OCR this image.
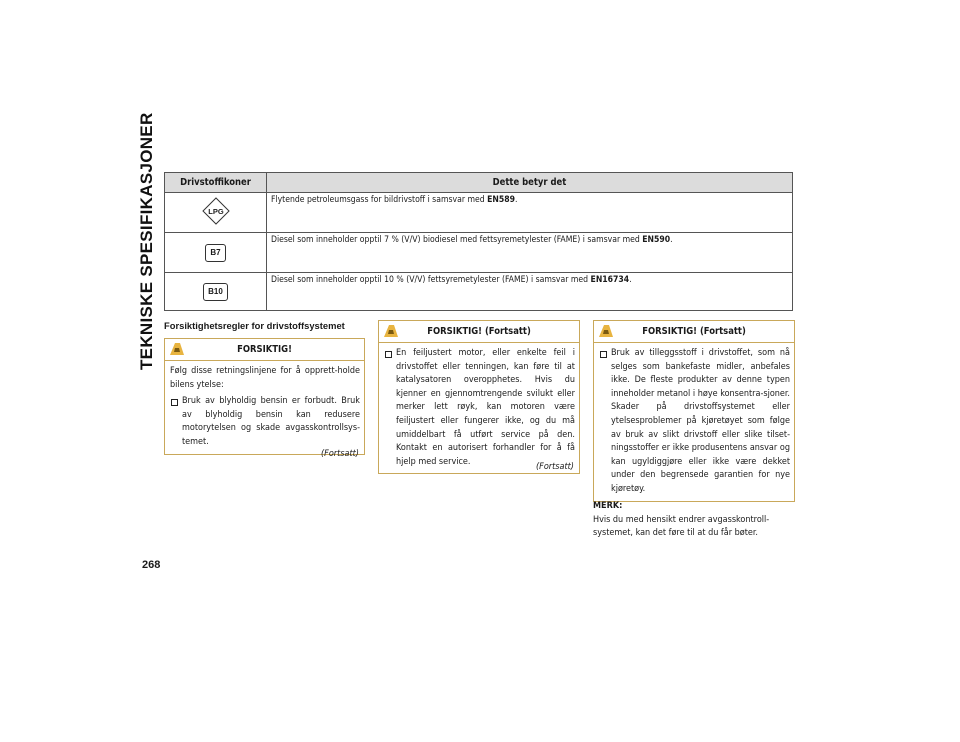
TEKNISKE SPESIFIKASJONER
268
Drivstoffikoner	Dette betyr det

LPG	Flytende petroleumsgass for bildrivstoff i samsvar med EN589.
B7	Diesel som inneholder opptil 7 % (V/V) biodiesel med fettsyremetylester (FAME) i samsvar med EN590.
B10	Diesel som inneholder opptil 10 % (V/V) fettsyremetylester (FAME) i samsvar med EN16734.
Forsiktighetsregler for drivstoffsystemet
FORSIKTIG!
Følg disse retningslinjene for å opprett-holde bilens ytelse:
Bruk av blyholdig bensin er forbudt. Bruk av blyholdig bensin kan redusere motorytelsen og skade avgasskontrollsys-temet.
(Fortsatt)
FORSIKTIG! (Fortsatt)
En feiljustert motor, eller enkelte feil i drivstoffet eller tenningen, kan føre til at katalysatoren overopphetes. Hvis du kjenner en gjennomtrengende svilukt eller merker lett røyk, kan motoren være feiljustert eller fungerer ikke, og du må umiddelbart få utført service på den. Kontakt en autorisert forhandler for å få hjelp med service.
(Fortsatt)
FORSIKTIG! (Fortsatt)
Bruk av tilleggsstoff i drivstoffet, som nå selges som bankefaste midler, anbefales ikke. De fleste produkter av denne typen inneholder metanol i høye konsentra-sjoner. Skader på drivstoffsystemet eller ytelsesproblemer på kjøretøyet som følge av bruk av slikt drivstoff eller slike tilset-ningsstoffer er ikke produsentens ansvar og kan ugyldiggjøre eller ikke være dekket under den begrensede garantien for nye kjøretøy.
MERK:
Hvis du med hensikt endrer avgasskontroll-systemet, kan det føre til at du får bøter.
